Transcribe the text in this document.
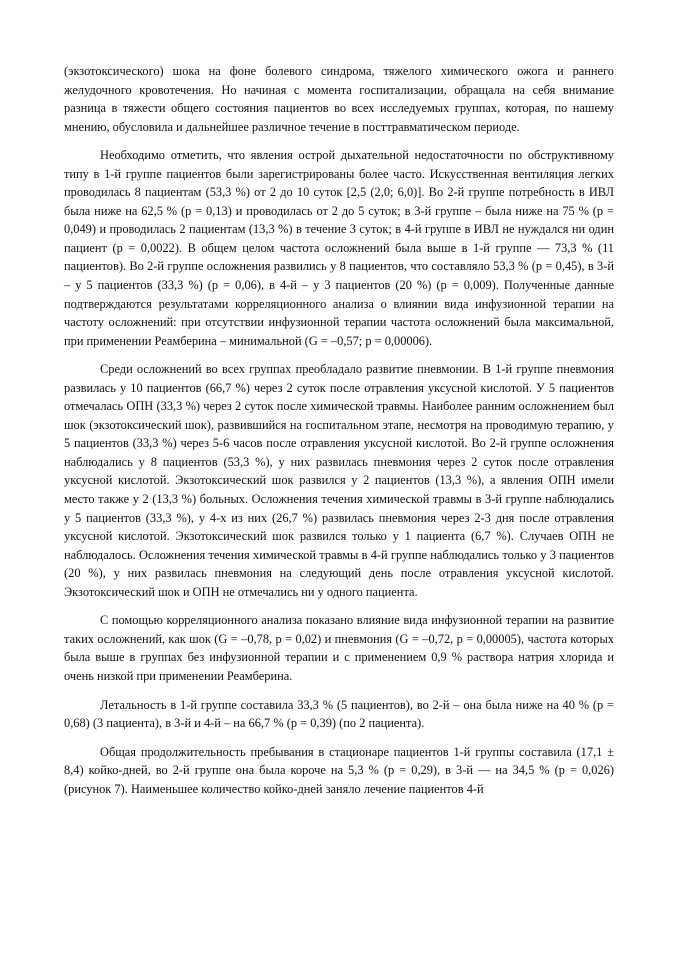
(экзотоксического) шока на фоне болевого синдрома, тяжелого химического ожога и раннего желудочного кровотечения. Но начиная с момента госпитализации, обращала на себя внимание разница в тяжести общего состояния пациентов во всех исследуемых группах, которая, по нашему мнению, обусловила и дальнейшее различное течение в посттравматическом периоде.

Необходимо отметить, что явления острой дыхательной недостаточности по обструктивному типу в 1-й группе пациентов были зарегистрированы более часто. Искусственная вентиляция легких проводилась 8 пациентам (53,3 %) от 2 до 10 суток [2,5 (2,0; 6,0)]. Во 2-й группе потребность в ИВЛ была ниже на 62,5 % (p = 0,13) и проводилась от 2 до 5 суток; в 3-й группе – была ниже на 75 % (p = 0,049) и проводилась 2 пациентам (13,3 %) в течение 3 суток; в 4-й группе в ИВЛ не нуждался ни один пациент (p = 0,0022). В общем целом частота осложнений была выше в 1-й группе — 73,3 % (11 пациентов). Во 2-й группе осложнения развились у 8 пациентов, что составляло 53,3 % (p = 0,45), в 3-й – у 5 пациентов (33,3 %) (p = 0,06), в 4-й – у 3 пациентов (20 %) (p = 0,009). Полученные данные подтверждаются результатами корреляционного анализа о влиянии вида инфузионной терапии на частоту осложнений: при отсутствии инфузионной терапии частота осложнений была максимальной, при применении Реамберина – минимальной (G = –0,57; p = 0,00006).

Среди осложнений во всех группах преобладало развитие пневмонии. В 1-й группе пневмония развилась у 10 пациентов (66,7 %) через 2 суток после отравления уксусной кислотой. У 5 пациентов отмечалась ОПН (33,3 %) через 2 суток после химической травмы. Наиболее ранним осложнением был шок (экзотоксический шок), развившийся на госпитальном этапе, несмотря на проводимую терапию, у 5 пациентов (33,3 %) через 5-6 часов после отравления уксусной кислотой. Во 2-й группе осложнения наблюдались у 8 пациентов (53,3 %), у них развилась пневмония через 2 суток после отравления уксусной кислотой. Экзотоксический шок развился у 2 пациентов (13,3 %), а явления ОПН имели место также у 2 (13,3 %) больных. Осложнения течения химической травмы в 3-й группе наблюдались у 5 пациентов (33,3 %), у 4-х из них (26,7 %) развилась пневмония через 2-3 дня после отравления уксусной кислотой. Экзотоксический шок развился только у 1 пациента (6,7 %). Случаев ОПН не наблюдалось. Осложнения течения химической травмы в 4-й группе наблюдались только у 3 пациентов (20 %), у них развилась пневмония на следующий день после отравления уксусной кислотой. Экзотоксический шок и ОПН не отмечались ни у одного пациента.

С помощью корреляционного анализа показано влияние вида инфузионной терапии на развитие таких осложнений, как шок (G = –0,78, p = 0,02) и пневмония (G = –0,72, p = 0,00005), частота которых была выше в группах без инфузионной терапии и с применением 0,9 % раствора натрия хлорида и очень низкой при применении Реамберина.

Летальность в 1-й группе составила 33,3 % (5 пациентов), во 2-й – она была ниже на 40 % (p = 0,68) (3 пациента), в 3-й и 4-й – на 66,7 % (p = 0,39) (по 2 пациента).

Общая продолжительность пребывания в стационаре пациентов 1-й группы составила (17,1 ± 8,4) койко-дней, во 2-й группе она была короче на 5,3 % (p = 0,29), в 3-й — на 34,5 % (p = 0,026) (рисунок 7). Наименьшее количество койко-дней заняло лечение пациентов 4-й
